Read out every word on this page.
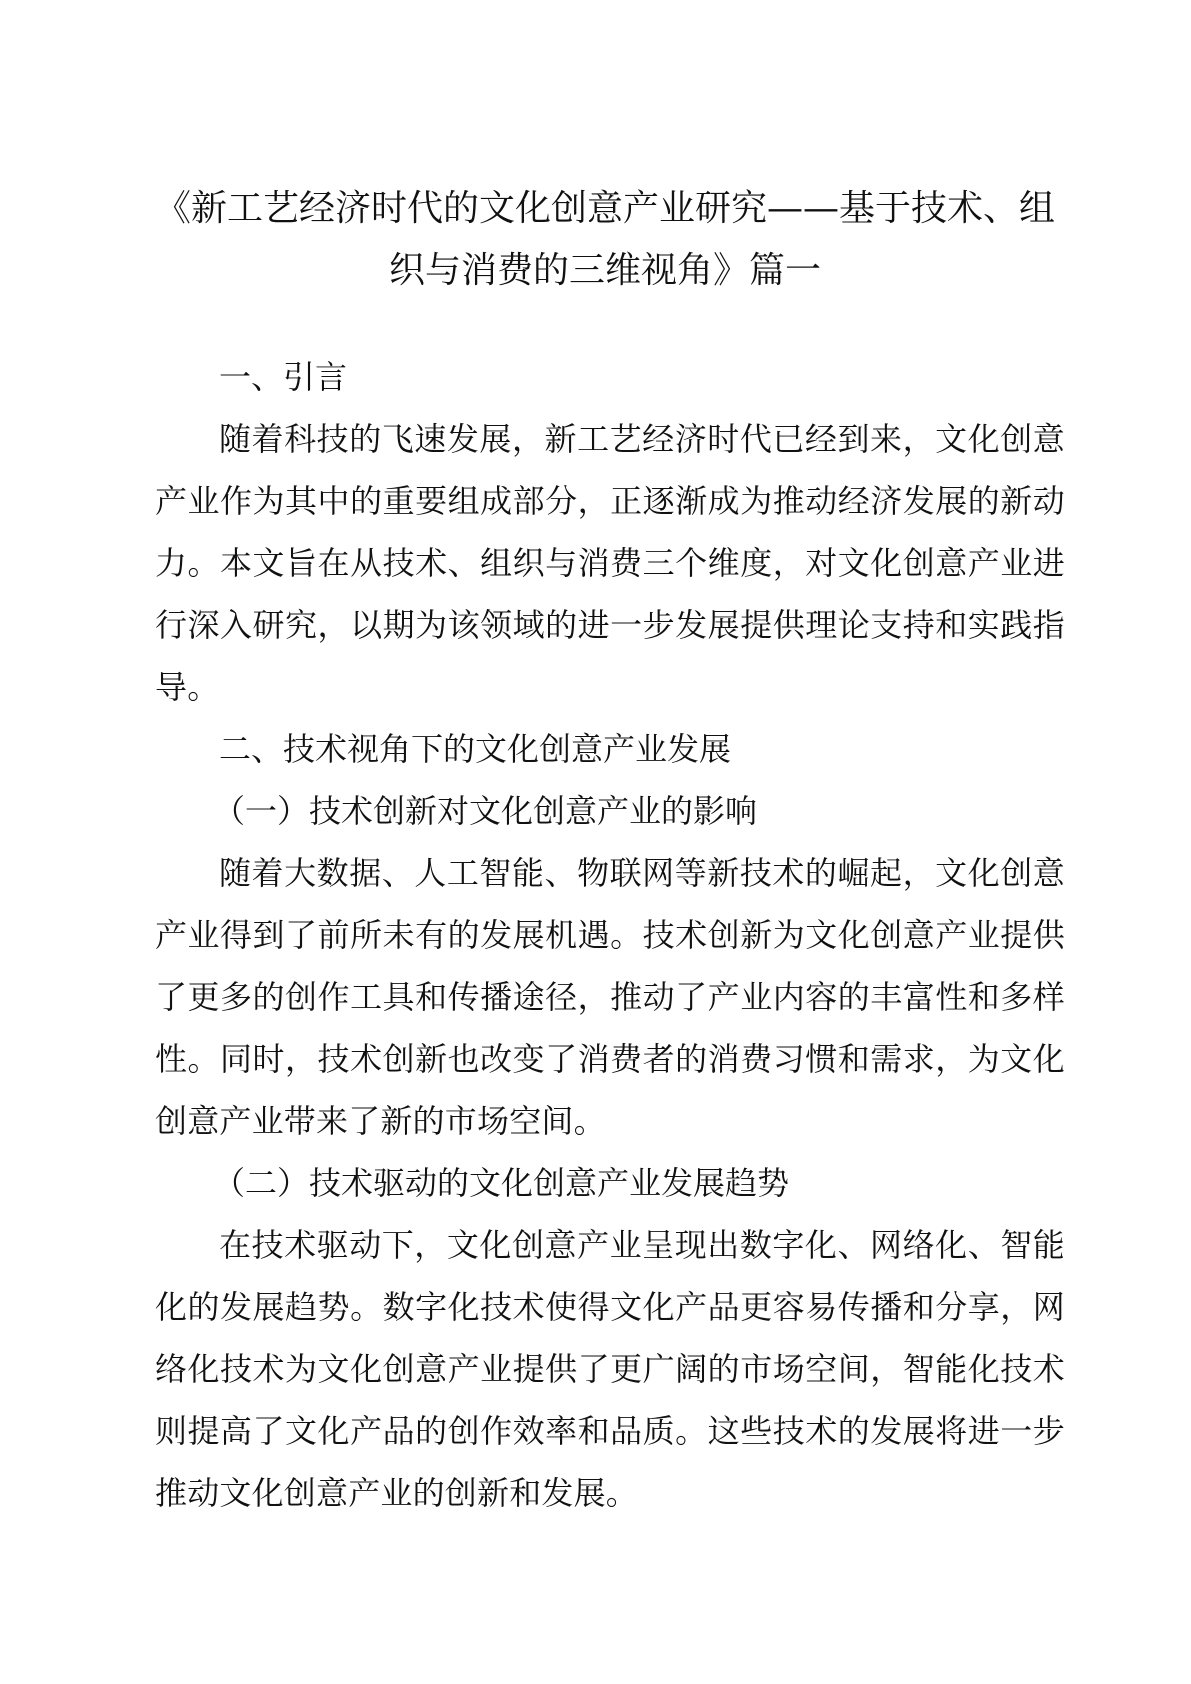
《新工艺经济时代的文化创意产业研究——基于技术、组织与消费的三维视角》篇一

一、引言

随着科技的飞速发展，新工艺经济时代已经到来，文化创意产业作为其中的重要组成部分，正逐渐成为推动经济发展的新动力。本文旨在从技术、组织与消费三个维度，对文化创意产业进行深入研究，以期为该领域的进一步发展提供理论支持和实践指导。

二、技术视角下的文化创意产业发展

（一）技术创新对文化创意产业的影响

随着大数据、人工智能、物联网等新技术的崛起，文化创意产业得到了前所未有的发展机遇。技术创新为文化创意产业提供了更多的创作工具和传播途径，推动了产业内容的丰富性和多样性。同时，技术创新也改变了消费者的消费习惯和需求，为文化创意产业带来了新的市场空间。

（二）技术驱动的文化创意产业发展趋势

在技术驱动下，文化创意产业呈现出数字化、网络化、智能化的发展趋势。数字化技术使得文化产品更容易传播和分享，网络化技术为文化创意产业提供了更广阔的市场空间，智能化技术则提高了文化产品的创作效率和品质。这些技术的发展将进一步推动文化创意产业的创新和发展。
